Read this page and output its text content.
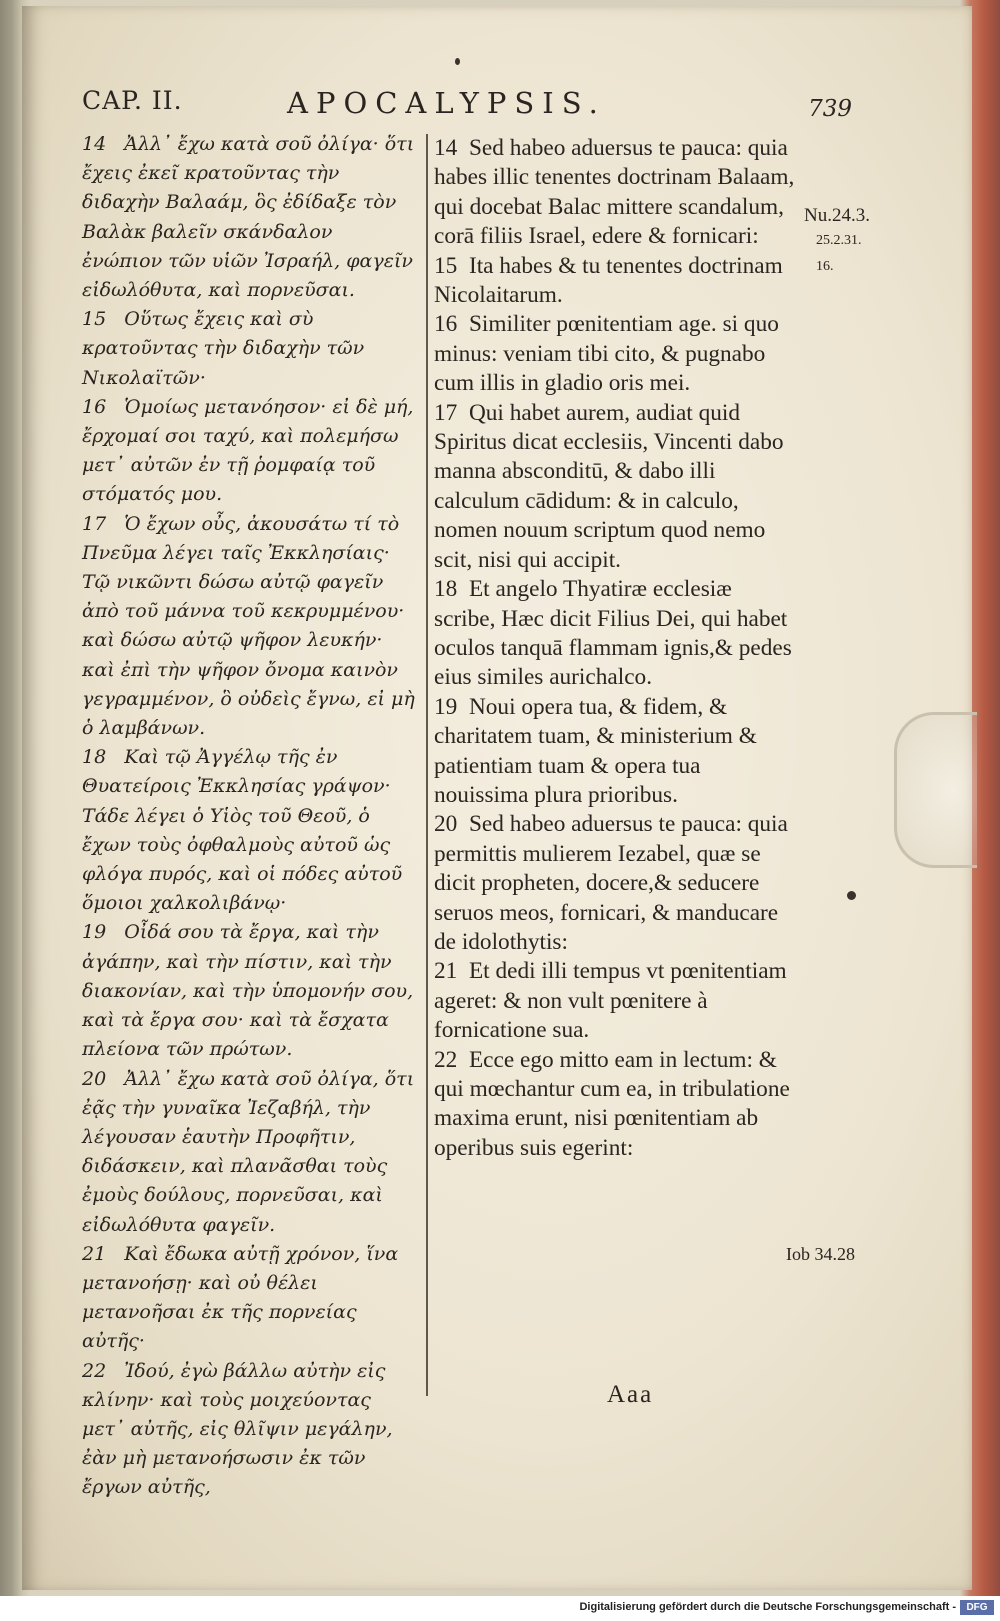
CAP. II.	APOCALYPSIS.	739

14   Ἀλλ᾽ ἔχω κατὰ σοῦ ὀλίγα· ὅτι ἔχεις ἐκεῖ κρατοῦντας τὴν διδαχὴν Βαλαάμ, ὃς ἐδίδαξε τὸν Βαλὰκ βαλεῖν σκάνδαλον ἐνώπιον τῶν υἱῶν Ἰσραήλ, φαγεῖν εἰδωλόθυτα, καὶ πορνεῦσαι.

15   Οὕτως ἔχεις καὶ σὺ κρατοῦντας τὴν διδαχὴν τῶν Νικολαϊτῶν·

16   Ὁμοίως μετανόησον· εἰ δὲ μή, ἔρχομαί σοι ταχύ, καὶ πολεμήσω μετ᾽ αὐτῶν ἐν τῇ ῥομφαίᾳ τοῦ στόματός μου.

17   Ὁ ἔχων οὖς, ἀκουσάτω τί τὸ Πνεῦμα λέγει ταῖς Ἐκκλησίαις· Τῷ νικῶντι δώσω αὐτῷ φαγεῖν ἀπὸ τοῦ μάννα τοῦ κεκρυμμένου· καὶ δώσω αὐτῷ ψῆφον λευκήν· καὶ ἐπὶ τὴν ψῆφον ὄνομα καινὸν γεγραμμένον, ὃ οὐδεὶς ἔγνω, εἰ μὴ ὁ λαμβάνων.

18   Καὶ τῷ Ἀγγέλῳ τῆς ἐν Θυατείροις Ἐκκλησίας γράψον· Τάδε λέγει ὁ Υἱὸς τοῦ Θεοῦ, ὁ ἔχων τοὺς ὀφθαλμοὺς αὐτοῦ ὡς φλόγα πυρός, καὶ οἱ πόδες αὐτοῦ ὅμοιοι χαλκολιβάνῳ·

19   Οἶδά σου τὰ ἔργα, καὶ τὴν ἀγάπην, καὶ τὴν πίστιν, καὶ τὴν διακονίαν, καὶ τὴν ὑπομονήν σου, καὶ τὰ ἔργα σου· καὶ τὰ ἔσχατα πλείονα τῶν πρώτων.

20   Ἀλλ᾽ ἔχω κατὰ σοῦ ὀλίγα, ὅτι ἐᾷς τὴν γυναῖκα Ἰεζαβήλ, τὴν λέγουσαν ἑαυτὴν Προφῆτιν, διδάσκειν, καὶ πλανᾶσθαι τοὺς ἐμοὺς δούλους, πορνεῦσαι, καὶ εἰδωλόθυτα φαγεῖν.

21   Καὶ ἔδωκα αὐτῇ χρόνον, ἵνα μετανοήσῃ· καὶ οὐ θέλει μετανοῆσαι ἐκ τῆς πορνείας αὐτῆς·

22   Ἰδού, ἐγὼ βάλλω αὐτὴν εἰς κλίνην· καὶ τοὺς μοιχεύοντας μετ᾽ αὐτῆς, εἰς θλῖψιν μεγάλην, ἐὰν μὴ μετανοήσωσιν ἐκ τῶν ἔργων αὐτῆς,

14  Sed habeo aduersus te pauca: quia habes illic tenentes doctrinam Balaam, qui docebat Balac mittere scandalum, corā filiis Israel, edere & fornicari:

15  Ita habes & tu tenentes doctrinam Nicolaitarum.

16  Similiter pœnitentiam age. si quo minus: veniam tibi cito, & pugnabo cum illis in gladio oris mei.

17  Qui habet aurem, audiat quid Spiritus dicat ecclesiis, Vincenti dabo manna absconditū, & dabo illi calculum cādidum: & in calculo, nomen nouum scriptum quod nemo scit, nisi qui accipit.

18  Et angelo Thyatiræ ecclesiæ scribe, Hæc dicit Filius Dei, qui habet oculos tanquā flammam ignis,& pedes eius similes aurichalco.

19  Noui opera tua, & fidem, & charitatem tuam, & ministerium & patientiam tuam & opera tua nouissima plura prioribus.

20  Sed habeo aduersus te pauca: quia permittis mulierem Iezabel, quæ se dicit propheten, docere,& seducere seruos meos, fornicari, & manducare de idolothytis:

21  Et dedi illi tempus vt pœnitentiam ageret: & non vult pœnitere à fornicatione sua.

22  Ecce ego mitto eam in lectum: & qui mœchantur cum ea, in tribulatione maxima erunt, nisi pœnitentiam ab operibus suis egerint:

Nu.24.3.
25.2.31.
16.
Iob 34.28
Aaa
Digitalisierung gefördert durch die Deutsche Forschungsgemeinschaft -	DFG
